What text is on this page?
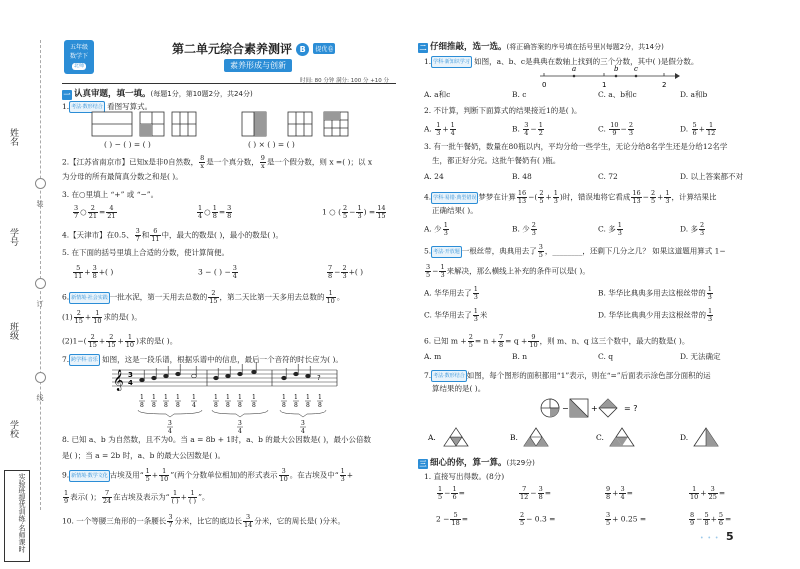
姓名
学号
班级
学校
装
订
线
实验班提优训练·名师课时
五年级
数学下
北师
第二单元综合素养测评 B 提优卷
素养形成与创新
时间: 80 分钟 满分: 100 分 +10 分
一 认真审题，填一填。(每题1分，第10题2分，共24分)
1. 考法·数形结合 看图写算式。
( ) − ( ) = ( )	( ) × ( ) = ( )
2.【江苏省南京市】已知x是非0自然数， $\frac{8}{x}$ 是一个真分数， $\frac{9}{x}$ 是一个假分数，则 x =( )；以 x
为分母的所有最简真分数之和是( )。
3. 在○里填上 “+” 或 “−”。
$\frac{3}{7}$ ○ $\frac{2}{21} = \frac{4}{21}$	$\frac{1}{4}$ ○ $\frac{1}{8} = \frac{3}{8}$	1 ○ ( $\frac{2}{5} - \frac{1}{3}$ ) = $\frac{14}{15}$
4.【天津市】在0.5、 $\frac{3}{7}$ 和 $\frac{6}{11}$ 中，最大的数是( )，最小的数是( )。
5. 在下面的括号里填上合适的分数，使计算简便。
$\frac{5}{11} + \frac{3}{8}$ +( )	3 − ( ) − $\frac{3}{4}$	$\frac{7}{8} - \frac{2}{3}$ +( )
6. 新情境·社会实践 一批水泥，第一天用去总数的 $\frac{2}{15}$ ，第二天比第一天多用去总数的 $\frac{1}{10}$ 。
$(1) \frac{2}{15} + \frac{1}{10}$ 求的是( )。
$(2)1-( \frac{2}{15} + \frac{2}{15} + \frac{1}{10}$ )求的是( )。
7. 跨学科·音乐 如图，这是一段乐谱，根据乐谱中的信息，最后一个音符的时长应为( )。
𝄞 3
4
?
1
8
1
8
1
8
1
8
1
4
1
8
1
8
1
8
1
8
1
8
1
8
1
8
1
8
3
4
3
4
3
4
8. 已知 a、b 为自然数，且不为0。当 a = 8b + 1时，a、b 的最大公因数是( )，最小公倍数
是( )；当 a = 2b 时，a、b 的最大公因数是( )。
9. 新情境·数学文化 古埃及用“ $\frac{1}{5} + \frac{1}{10}$ ”(两个分数单位相加)的形式表示 $\frac{3}{10}$ 。在古埃及中“ $\frac{1}{3}$ +
$\frac{1}{9}$ 表示( )； $\frac{7}{24}$ 在古埃及表示为“ $\frac{1}{( )} + \frac{1}{( )}$ ”。
10. 一个等腰三角形的一条腰长 $\frac{3}{7}$ 分米，比它的底边长 $\frac{3}{14}$ 分米，它的周长是( )分米。
二 仔细推敲，选一选。(将正确答案的序号填在括号里)(每题2分，共14分)
1. 学科·新知识学习 如图，a、b、c是典典在数轴上找到的三个分数，其中( )是假分数。
0	1	2
a	b c
A. a和c	B. c	C. a、b和c	D. a和b
2. 不计算，判断下面算式的结果接近1的是( )。
A. $\frac{1}{3} + \frac{1}{4}$	B. $\frac{3}{4} - \frac{1}{2}$	C. $\frac{10}{9} - \frac{2}{3}$	D. $\frac{5}{6} + \frac{1}{12}$
3. 有一批午餐奶，数量在80瓶以内，平均分给一些学生，无论分给8名学生还是分给12名学
生，都正好分完。这批午餐奶有( )瓶。
A. 24	B. 48	C. 72	D. 以上答案都不对
4. 学科·易错·典型错误 梦梦在计算 $\frac{16}{13}$ −( $\frac{2}{5} + \frac{1}{3}$ )时，错误地将它看成 $\frac{16}{13} - \frac{2}{5} + \frac{1}{3}$ ，计算结果比
正确结果( )。
A. 少 $\frac{1}{3}$	B. 少 $\frac{2}{3}$	C. 多 $\frac{1}{3}$	D. 多 $\frac{2}{3}$
5. 考法·开放题 一根丝带，典典用去了 $\frac{3}{5}$ ，________，还剩下几分之几？ 如果这道题用算式 1−
$\frac{3}{5} - \frac{1}{3}$ 来解决，那么横线上补充的条件可以是( )。
A. 华华用去了 $\frac{1}{3}$	B. 华华比典典多用去这根丝带的 $\frac{1}{3}$
C. 华华用去了 $\frac{1}{3}$ 米	D. 华华比典典少用去这根丝带的 $\frac{1}{3}$
6. 已知 $m + \frac{2}{5} = n + \frac{7}{8} = q + \frac{9}{10}$ ，则 m、n、q 这三个数中，最大的数是( )。
A. m	B. n	C. q	D. 无法确定
7. 考法·数形结合 如图，每个图形的面积都用“1”表示，则在“=”后面表示涂色部分面积的运
算结果的是( )。
−	+	= ?
A.	B.	C.	D.
三 细心的你，算一算。(共29分)
1. 直接写出得数。(8分)
$\frac{1}{5} - \frac{1}{6}$ =	$\frac{7}{12} - \frac{3}{8}$ =	$\frac{9}{8} + \frac{3}{4}$ =	$\frac{1}{10} + \frac{3}{25}$ =
$2 - \frac{5}{18}$ =	$\frac{2}{5} - 0.3$ =	$\frac{3}{5} + 0.25$ =	$\frac{8}{9} - \frac{5}{8} + \frac{5}{6}$ =
• • • 5
